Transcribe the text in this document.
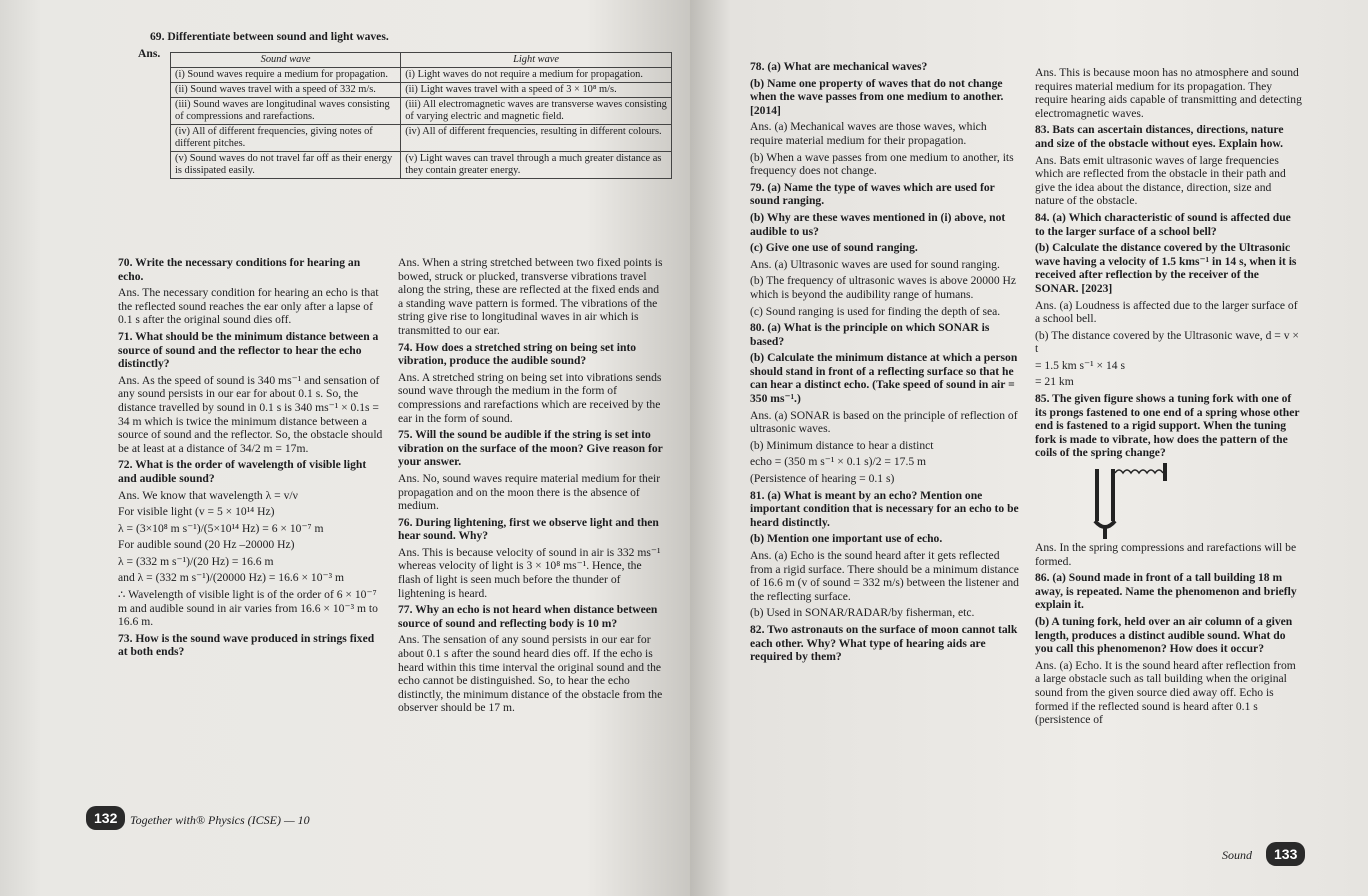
69. Differentiate between sound and light waves.

Ans.	Sound wave	Light wave
(i) Sound waves require a medium for propagation.	(i) Light waves do not require a medium for propagation.
(ii) Sound waves travel with a speed of 332 m/s.	(ii) Light waves travel with a speed of 3 × 10⁸ m/s.
(iii) Sound waves are longitudinal waves consisting of compressions and rarefactions.	(iii) All electromagnetic waves are transverse waves consisting of varying electric and magnetic field.
(iv) All of different frequencies, giving notes of different pitches.	(iv) All of different frequencies, resulting in different colours.
(v) Sound waves do not travel far off as their energy is dissipated easily.	(v) Light waves can travel through a much greater distance as they contain greater energy.

70. Write the necessary conditions for hearing an echo.

Ans. The necessary condition for hearing an echo is that the reflected sound reaches the ear only after a lapse of 0.1 s after the original sound dies off.

71. What should be the minimum distance between a source of sound and the reflector to hear the echo distinctly?

Ans. As the speed of sound is 340 ms⁻¹ and sensation of any sound persists in our ear for about 0.1 s. So, the distance travelled by sound in 0.1 s is 340 ms⁻¹ × 0.1s = 34 m which is twice the minimum distance between a source of sound and the reflector. So, the obstacle should be at least at a distance of 34/2 m = 17m.

72. What is the order of wavelength of visible light and audible sound?

Ans. We know that wavelength λ = v/ν

For visible light (v = 5 × 10¹⁴ Hz)

λ = (3×10⁸ m s⁻¹)/(5×10¹⁴ Hz) = 6 × 10⁻⁷ m

For audible sound (20 Hz –20000 Hz)

λ = (332 m s⁻¹)/(20 Hz) = 16.6 m

and λ = (332 m s⁻¹)/(20000 Hz) = 16.6 × 10⁻³ m

∴ Wavelength of visible light is of the order of 6 × 10⁻⁷ m and audible sound in air varies from 16.6 × 10⁻³ m to 16.6 m.

73. How is the sound wave produced in strings fixed at both ends?

Ans. When a string stretched between two fixed points is bowed, struck or plucked, transverse vibrations travel along the string, these are reflected at the fixed ends and a standing wave pattern is formed. The vibrations of the string give rise to longitudinal waves in air which is transmitted to our ear.

74. How does a stretched string on being set into vibration, produce the audible sound?

Ans. A stretched string on being set into vibrations sends sound wave through the medium in the form of compressions and rarefactions which are received by the ear in the form of sound.

75. Will the sound be audible if the string is set into vibration on the surface of the moon? Give reason for your answer.

Ans. No, sound waves require material medium for their propagation and on the moon there is the absence of medium.

76. During lightening, first we observe light and then hear sound. Why?

Ans. This is because velocity of sound in air is 332 ms⁻¹ whereas velocity of light is 3 × 10⁸ ms⁻¹. Hence, the flash of light is seen much before the thunder of lightening is heard.

77. Why an echo is not heard when distance between source of sound and reflecting body is 10 m?

Ans. The sensation of any sound persists in our ear for about 0.1 s after the sound heard dies off. If the echo is heard within this time interval the original sound and the echo cannot be distinguished. So, to hear the echo distinctly, the minimum distance of the obstacle from the observer should be 17 m.

132	Together with® Physics (ICSE) — 10

78. (a) What are mechanical waves?

(b) Name one property of waves that do not change when the wave passes from one medium to another. [2014]

Ans. (a) Mechanical waves are those waves, which require material medium for their propagation.

(b) When a wave passes from one medium to another, its frequency does not change.

79. (a) Name the type of waves which are used for sound ranging.

(b) Why are these waves mentioned in (i) above, not audible to us?

(c) Give one use of sound ranging.

Ans. (a) Ultrasonic waves are used for sound ranging.

(b) The frequency of ultrasonic waves is above 20000 Hz which is beyond the audibility range of humans.

(c) Sound ranging is used for finding the depth of sea.

80. (a) What is the principle on which SONAR is based?

(b) Calculate the minimum distance at which a person should stand in front of a reflecting surface so that he can hear a distinct echo. (Take speed of sound in air = 350 ms⁻¹.)

Ans. (a) SONAR is based on the principle of reflection of ultrasonic waves.

(b) Minimum distance to hear a distinct

echo = (350 m s⁻¹ × 0.1 s)/2 = 17.5 m

(Persistence of hearing = 0.1 s)

81. (a) What is meant by an echo? Mention one important condition that is necessary for an echo to be heard distinctly.

(b) Mention one important use of echo.

Ans. (a) Echo is the sound heard after it gets reflected from a rigid surface. There should be a minimum distance of 16.6 m (v of sound = 332 m/s) between the listener and the reflecting surface.

(b) Used in SONAR/RADAR/by fisherman, etc.

82. Two astronauts on the surface of moon cannot talk each other. Why? What type of hearing aids are required by them?

Ans. This is because moon has no atmosphere and sound requires material medium for its propagation. They require hearing aids capable of transmitting and detecting electromagnetic waves.

83. Bats can ascertain distances, directions, nature and size of the obstacle without eyes. Explain how.

Ans. Bats emit ultrasonic waves of large frequencies which are reflected from the obstacle in their path and give the idea about the distance, direction, size and nature of the obstacle.

84. (a) Which characteristic of sound is affected due to the larger surface of a school bell?

(b) Calculate the distance covered by the Ultrasonic wave having a velocity of 1.5 kms⁻¹ in 14 s, when it is received after reflection by the receiver of the SONAR. [2023]

Ans. (a) Loudness is affected due to the larger surface of a school bell.

(b) The distance covered by the Ultrasonic wave, d = v × t

= 1.5 km s⁻¹ × 14 s

= 21 km

85. The given figure shows a tuning fork with one of its prongs fastened to one end of a spring whose other end is fastened to a rigid support. When the tuning fork is made to vibrate, how does the pattern of the coils of the spring change?

Ans. In the spring compressions and rarefactions will be formed.

86. (a) Sound made in front of a tall building 18 m away, is repeated. Name the phenomenon and briefly explain it.

(b) A tuning fork, held over an air column of a given length, produces a distinct audible sound. What do you call this phenomenon? How does it occur?

Ans. (a) Echo. It is the sound heard after reflection from a large obstacle such as tall building when the original sound from the given source died away off. Echo is formed if the reflected sound is heard after 0.1 s (persistence of

Sound	133
